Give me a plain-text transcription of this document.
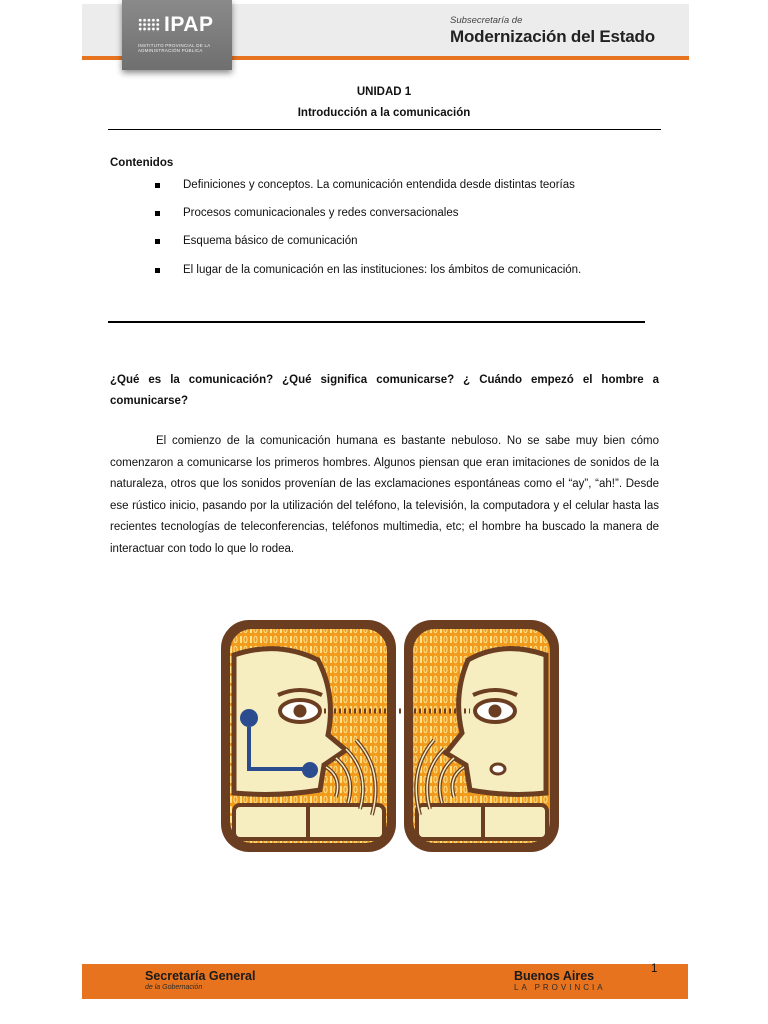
IPAP
INSTITUTO PROVINCIAL DE LA ADMINISTRACIÓN PÚBLICA
Subsecretaría de
Modernización del Estado
UNIDAD 1
Introducción a la comunicación
Contenidos
Definiciones y conceptos. La comunicación entendida desde distintas teorías
Procesos comunicacionales y redes conversacionales
Esquema básico de comunicación
El lugar de la comunicación en las instituciones: los ámbitos de comunicación.
¿Qué es la comunicación? ¿Qué significa comunicarse? ¿ Cuándo empezó el hombre a comunicarse?

El comienzo de la comunicación humana es bastante nebuloso. No se sabe muy bien cómo comenzaron a comunicarse los primeros hombres. Algunos piensan que eran imitaciones de sonidos de la naturaleza, otros que los sonidos provenían de las exclamaciones espontáneas como el “ay”, “ah!”. Desde ese rústico inicio, pasando por la utilización del teléfono, la televisión, la computadora y el celular hasta las recientes tecnologías de teleconferencias, teléfonos multimedia, etc; el hombre ha buscado la manera de interactuar con todo lo que lo rodea.

Secretaría General
de la Gobernación
Buenos Aires
LA PROVINCIA
1
